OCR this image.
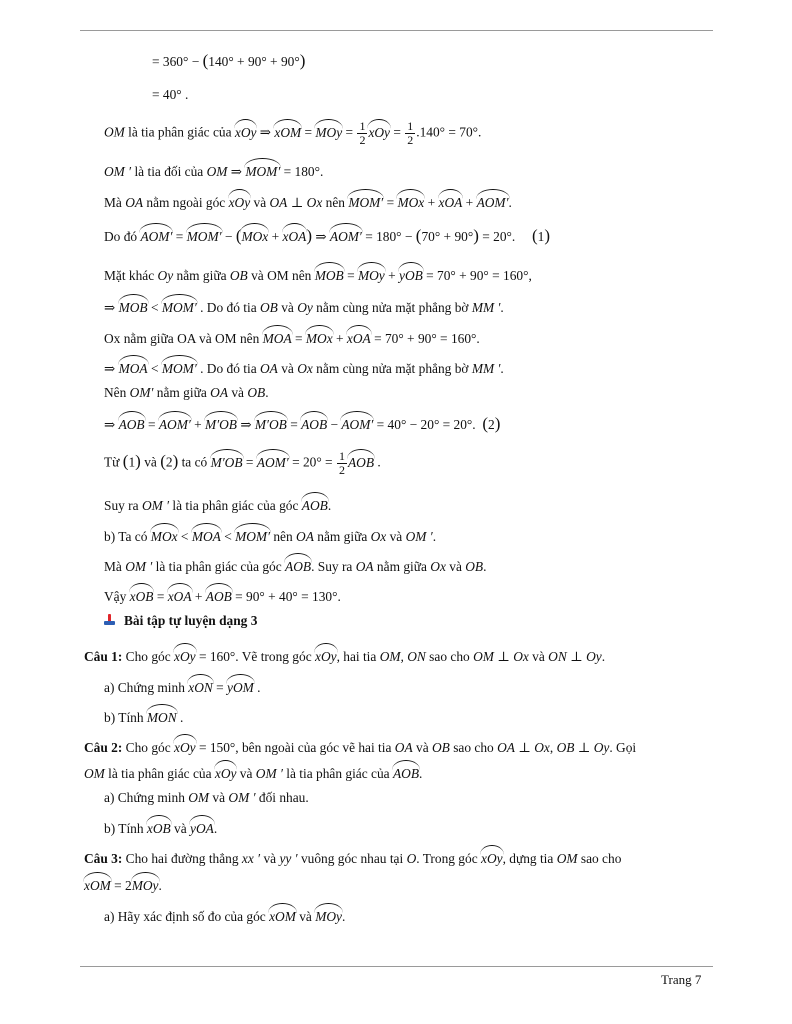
= 360° − (140° + 90° + 90°)
= 40° .
OM là tia phân giác của xOy ⇒ xOM = MOy = $\frac{1}{2}$ xOy = $\frac{1}{2} .140^\circ = 70^\circ$.
OM ′ là tia đối của OM ⇒ MOM′ = 180°.
Mà OA nằm ngoài góc xOy và OA ⊥ Ox nên MOM′ = MOx + xOA + AOM′.
Do đó AOM′ = MOM′ − (MOx + xOA) ⇒ AOM′ = 180° − (70° + 90°) = 20°.     (1)
Mặt khác Oy nằm giữa OB và OM nên MOB = MOy + yOB = 70° + 90° = 160°,
⇒ MOB < MOM′ . Do đó tia OB và Oy nằm cùng nửa mặt phẳng bờ MM ′.
Ox nằm giữa OA và OM nên MOA = MOx + xOA = 70° + 90° = 160°.
⇒ MOA < MOM′ . Do đó tia OA và Ox nằm cùng nửa mặt phẳng bờ MM ′.
Nên OM′ nằm giữa OA và OB.
⇒ AOB = AOM′ + M′OB ⇒ M′OB = AOB − AOM′ = 40° − 20° = 20°.  (2)
Từ (1) và (2) ta có $M'OB = AOM' = 20^\circ = \frac{1}{2}$ AOB .
Suy ra OM ′ là tia phân giác của góc AOB.
b) Ta có MOx < MOA < MOM′ nên OA nằm giữa Ox và OM ′.
Mà OM ′ là tia phân giác của góc AOB. Suy ra OA nằm giữa Ox và OB.
Vậy xOB = xOA + AOB = 90° + 40° = 130°.
Bài tập tự luyện dạng 3
Câu 1: Cho góc xOy = 160°. Vẽ trong góc xOy, hai tia OM, ON sao cho OM ⊥ Ox và ON ⊥ Oy.
a) Chứng minh xON = yOM .
b) Tính MON .
Câu 2: Cho góc xOy = 150°, bên ngoài của góc vẽ hai tia OA và OB sao cho OA ⊥ Ox, OB ⊥ Oy. Gọi
OM là tia phân giác của xOy và OM ′ là tia phân giác của AOB.
a) Chứng minh OM và OM ′ đối nhau.
b) Tính xOB và yOA.
Câu 3: Cho hai đường thẳng xx ′ và yy ′ vuông góc nhau tại O. Trong góc xOy, dựng tia OM sao cho
xOM = 2MOy.
a) Hãy xác định số đo của góc xOM và MOy.
Trang 7
